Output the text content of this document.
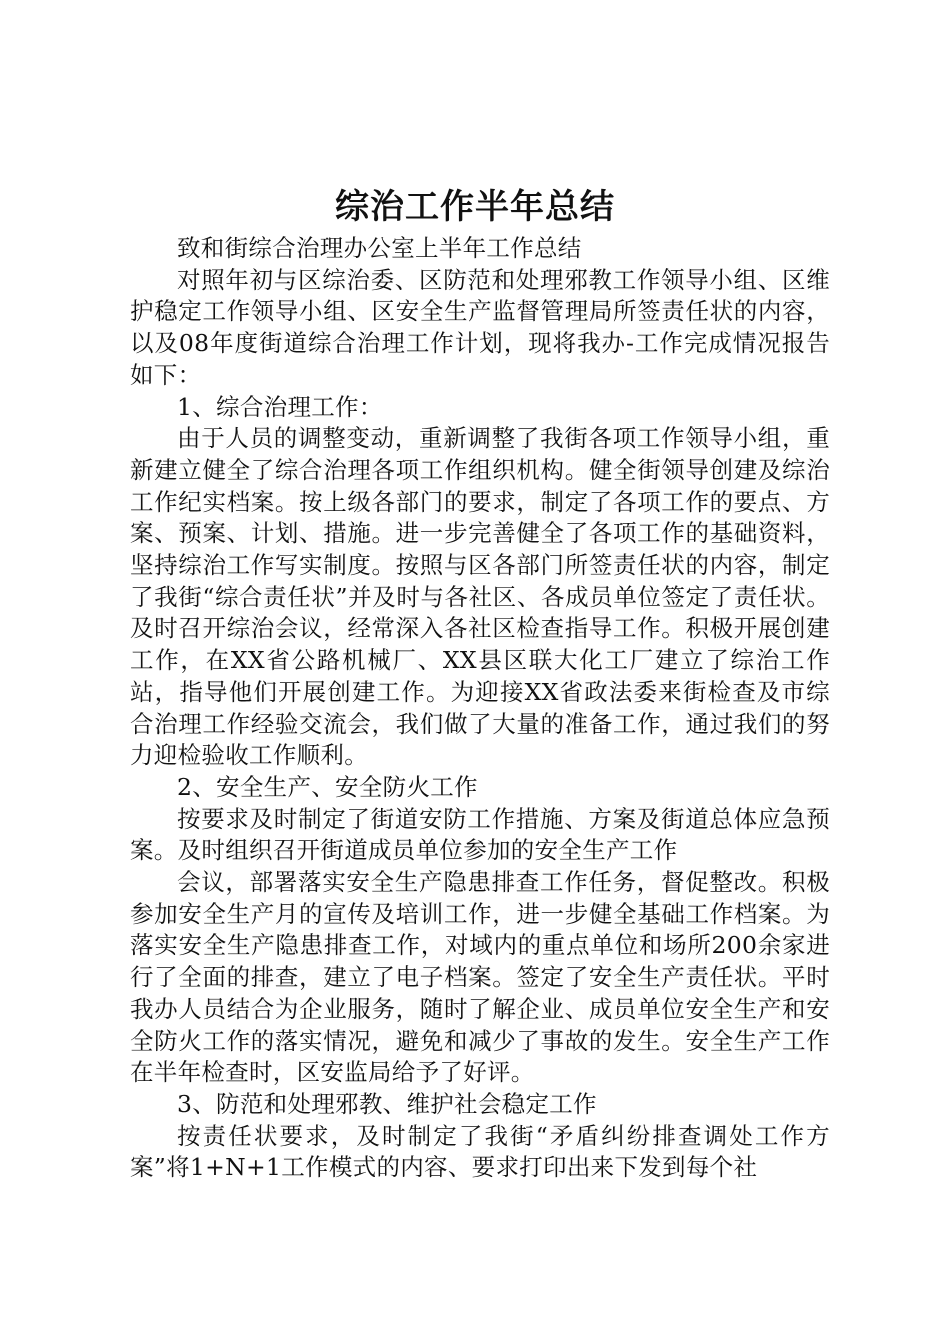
综治工作半年总结

致和街综合治理办公室上半年工作总结

对照年初与区综治委、区防范和处理邪教工作领导小组、区维护稳定工作领导小组、区安全生产监督管理局所签责任状的内容，以及08年度街道综合治理工作计划，现将我办-工作完成情况报告如下：

1、综合治理工作：

由于人员的调整变动，重新调整了我街各项工作领导小组，重新建立健全了综合治理各项工作组织机构。健全街领导创建及综治工作纪实档案。按上级各部门的要求，制定了各项工作的要点、方案、预案、计划、措施。进一步完善健全了各项工作的基础资料，坚持综治工作写实制度。按照与区各部门所签责任状的内容，制定了我街“综合责任状”并及时与各社区、各成员单位签定了责任状。及时召开综治会议，经常深入各社区检查指导工作。积极开展创建工作，在XX省公路机械厂、XX县区联大化工厂建立了综治工作站，指导他们开展创建工作。为迎接XX省政法委来街检查及市综合治理工作经验交流会，我们做了大量的准备工作，通过我们的努力迎检验收工作顺利。

2、安全生产、安全防火工作

按要求及时制定了街道安防工作措施、方案及街道总体应急预案。及时组织召开街道成员单位参加的安全生产工作

会议，部署落实安全生产隐患排查工作任务，督促整改。积极参加安全生产月的宣传及培训工作，进一步健全基础工作档案。为落实安全生产隐患排查工作，对域内的重点单位和场所200余家进行了全面的排查，建立了电子档案。签定了安全生产责任状。平时我办人员结合为企业服务，随时了解企业、成员单位安全生产和安全防火工作的落实情况，避免和减少了事故的发生。安全生产工作在半年检查时，区安监局给予了好评。

3、防范和处理邪教、维护社会稳定工作

按责任状要求，及时制定了我街“矛盾纠纷排查调处工作方案”将1+N+1工作模式的内容、要求打印出来下发到每个社
